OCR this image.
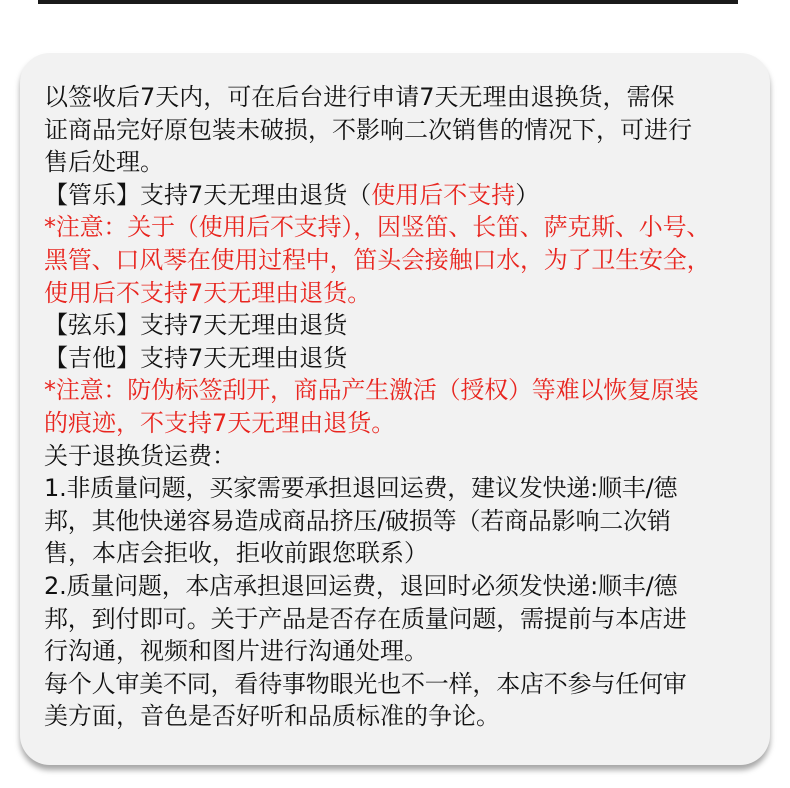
以签收后7天内，可在后台进行申请7天无理由退换货，需保
证商品完好原包装未破损，不影响二次销售的情况下，可进行
售后处理。
【管乐】支持7天无理由退货（使用后不支持）
*注意：关于（使用后不支持），因竖笛、长笛、萨克斯、小号、
黑管、口风琴在使用过程中，笛头会接触口水，为了卫生安全，
使用后不支持7天无理由退货。
【弦乐】支持7天无理由退货
【吉他】支持7天无理由退货
*注意：防伪标签刮开，商品产生激活（授权）等难以恢复原装
的痕迹，不支持7天无理由退货。
关于退换货运费：
1.非质量问题，买家需要承担退回运费，建议发快递:顺丰/德
邦，其他快递容易造成商品挤压/破损等（若商品影响二次销
售，本店会拒收，拒收前跟您联系）
2.质量问题，本店承担退回运费，退回时必须发快递:顺丰/德
邦，到付即可。关于产品是否存在质量问题，需提前与本店进
行沟通，视频和图片进行沟通处理。
每个人审美不同，看待事物眼光也不一样，本店不参与任何审
美方面，音色是否好听和品质标准的争论。
